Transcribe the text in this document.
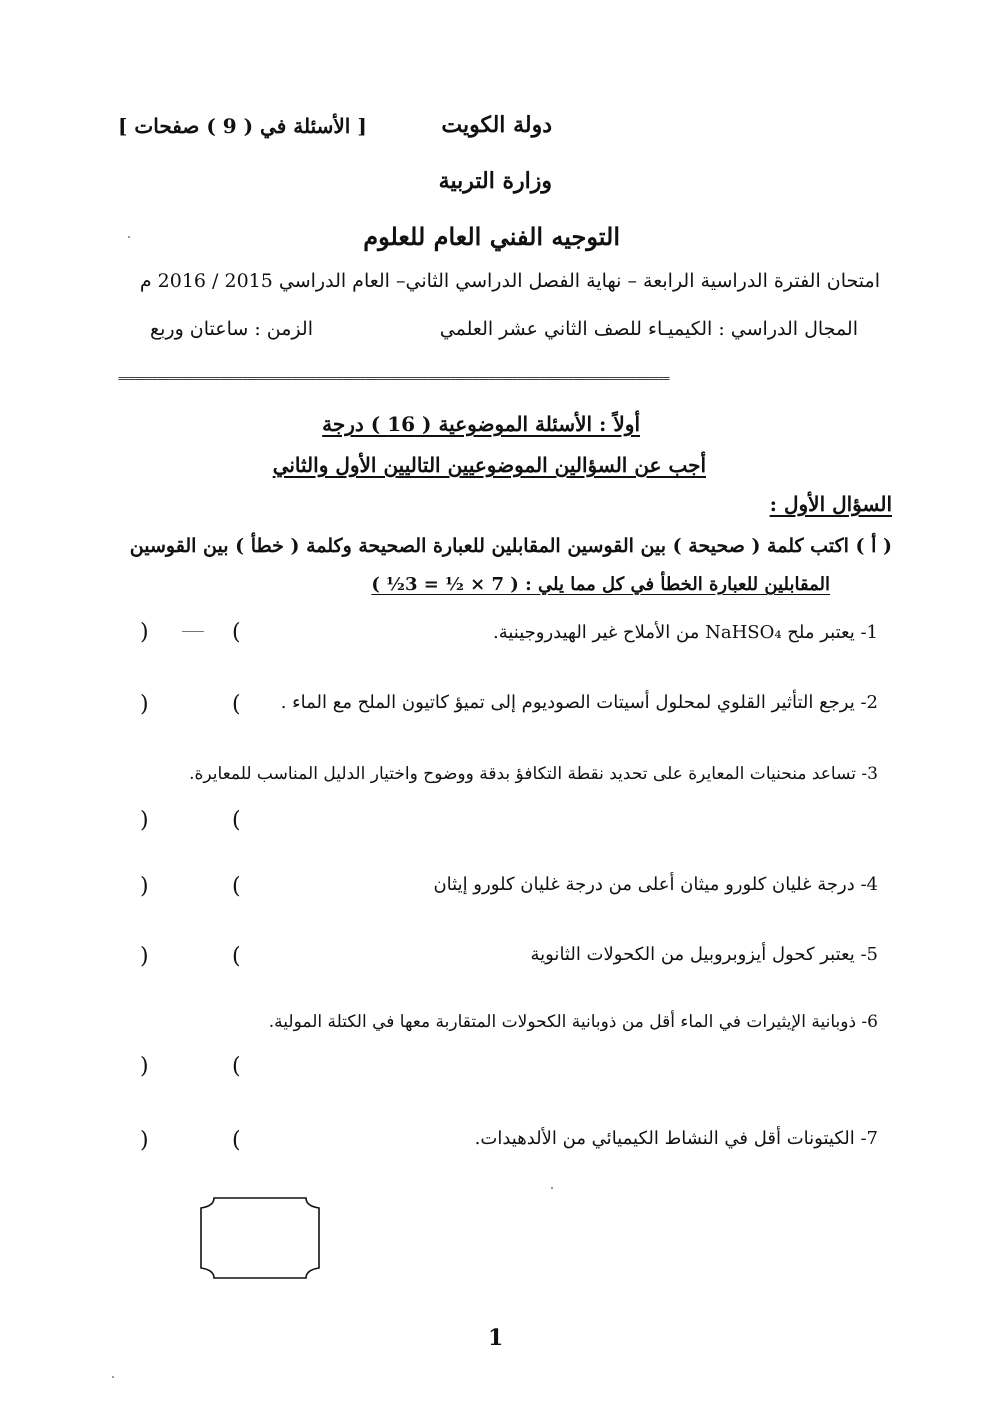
دولة الكويت
[ الأسئلة في ( 9 ) صفحات ]
وزارة التربية
التوجيه الفني العام للعلوم
امتحان الفترة الدراسية الرابعة – نهاية الفصل الدراسي الثاني– العام الدراسي 2015 / 2016 م
المجال الدراسي : الكيميـاء للصف الثاني عشر العلمي
الزمن : ساعتان وربع
==================================================================================================
أولاً : الأسئلة الموضوعية ( 16 ) درجة
أجب عن السؤالين الموضوعيين التاليين الأول والثاني
السؤال الأول :
( أ ) اكتب كلمة ( صحيحة ) بين القوسين المقابلين للعبارة الصحيحة وكلمة ( خطأ ) بين القوسين
المقابلين للعبارة الخطأ في كل مما يلي : ( 7 × ½ = 3½ )
1- يعتبر ملح NaHSO₄ من الأملاح غير الهيدروجينية.
(
)
2- يرجع التأثير القلوي لمحلول أسيتات الصوديوم إلى تميؤ كاتيون الملح مع الماء .
(
)
3- تساعد منحنيات المعايرة على تحديد نقطة التكافؤ بدقة ووضوح واختيار الدليل المناسب للمعايرة.
(
)
4- درجة غليان كلورو ميثان أعلى من درجة غليان كلورو إيثان
(
)
5- يعتبر كحول أيزوبروبيل من الكحولات الثانوية
(
)
6- ذوبانية الإيثيرات في الماء أقل من ذوبانية الكحولات المتقاربة معها في الكتلة المولية.
(
)
7- الكيتونات أقل في النشاط الكيميائي من الألدهيدات.
(
)
1
